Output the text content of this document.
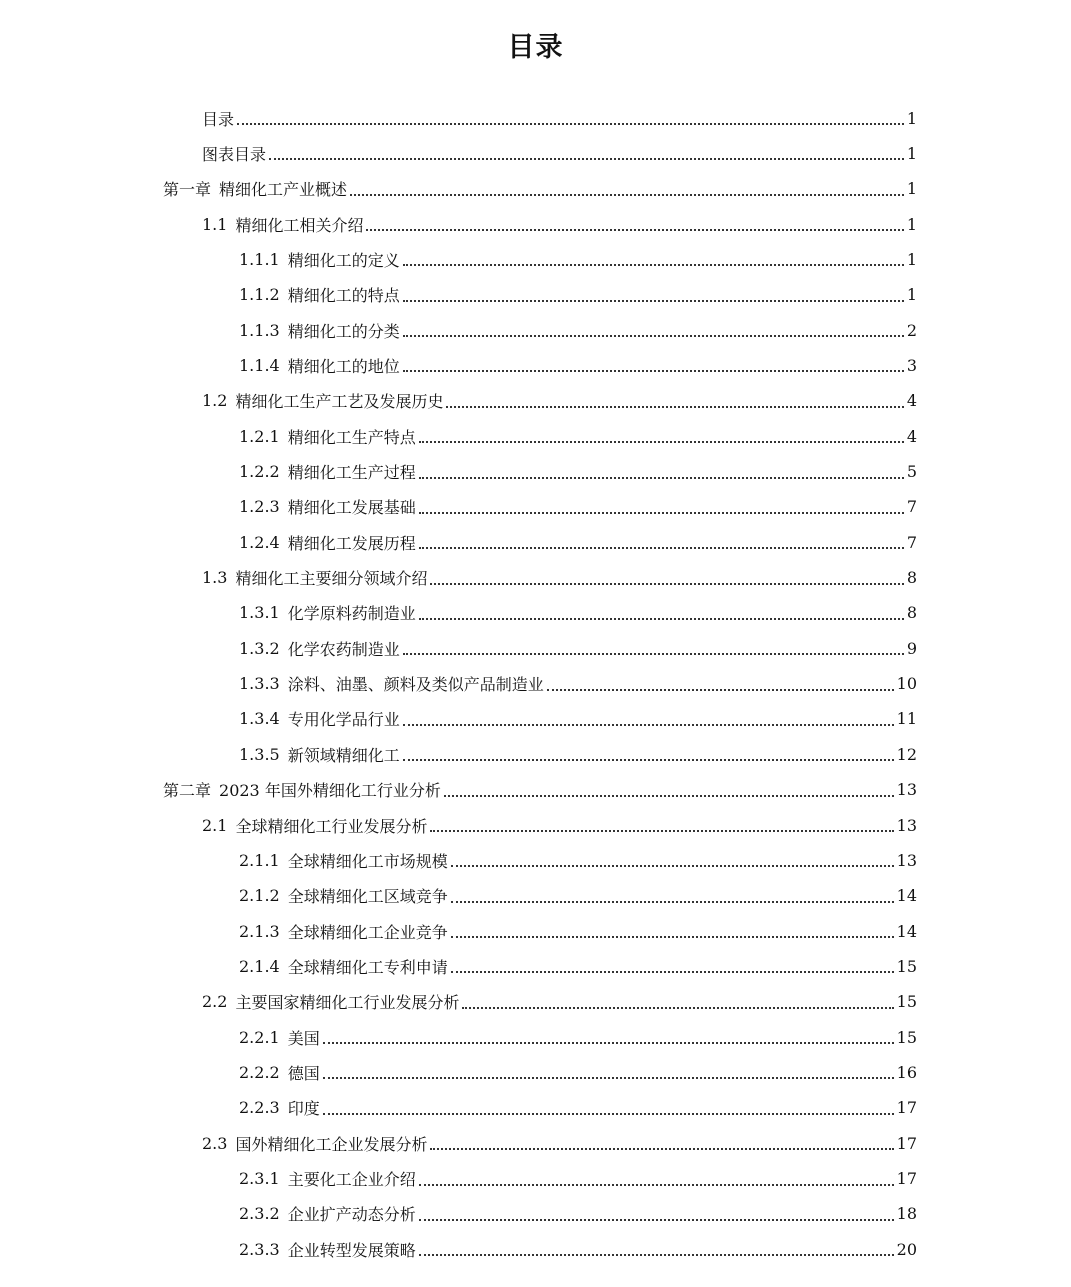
目录
目录	1
图表目录	1
第一章 精细化工产业概述	1
1.1 精细化工相关介绍	1
1.1.1 精细化工的定义	1
1.1.2 精细化工的特点	1
1.1.3 精细化工的分类	2
1.1.4 精细化工的地位	3
1.2 精细化工生产工艺及发展历史	4
1.2.1 精细化工生产特点	4
1.2.2 精细化工生产过程	5
1.2.3 精细化工发展基础	7
1.2.4 精细化工发展历程	7
1.3 精细化工主要细分领域介绍	8
1.3.1 化学原料药制造业	8
1.3.2 化学农药制造业	9
1.3.3 涂料、油墨、颜料及类似产品制造业	10
1.3.4 专用化学品行业	11
1.3.5 新领域精细化工	12
第二章 2023 年国外精细化工行业分析	13
2.1 全球精细化工行业发展分析	13
2.1.1 全球精细化工市场规模	13
2.1.2 全球精细化工区域竞争	14
2.1.3 全球精细化工企业竞争	14
2.1.4 全球精细化工专利申请	15
2.2 主要国家精细化工行业发展分析	15
2.2.1 美国	15
2.2.2 德国	16
2.2.3 印度	17
2.3 国外精细化工企业发展分析	17
2.3.1 主要化工企业介绍	17
2.3.2 企业扩产动态分析	18
2.3.3 企业转型发展策略	20
